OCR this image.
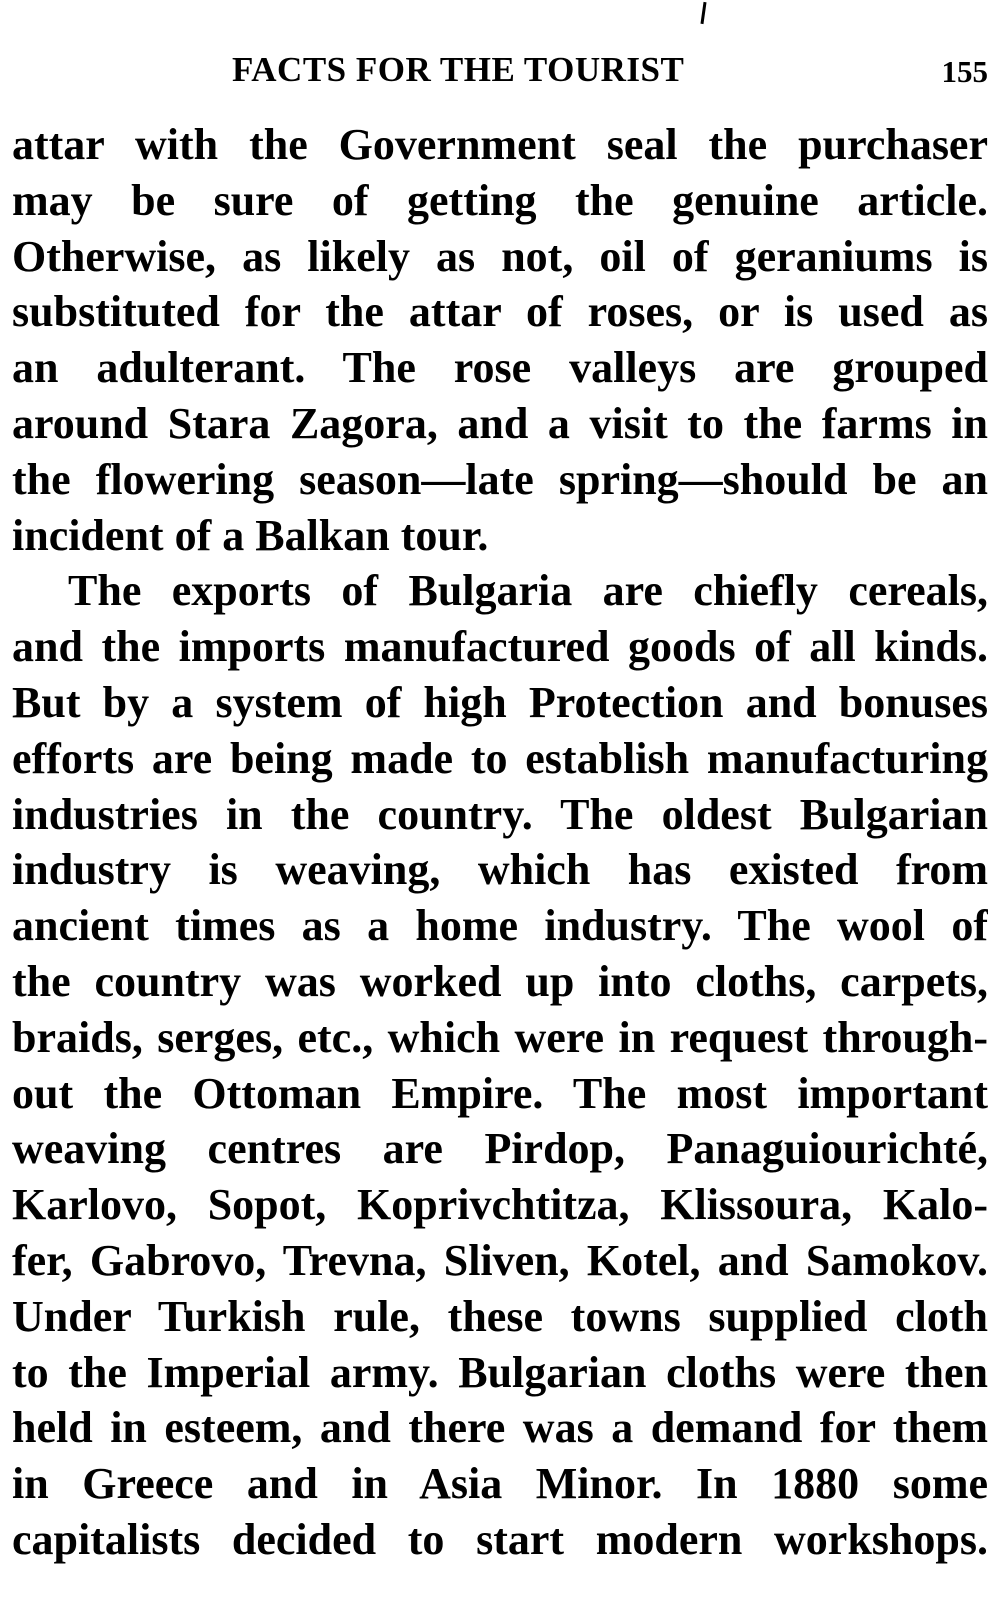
FACTS FOR THE TOURIST	155
attar with the Government seal the purchaser
may be sure of getting the genuine article.
Otherwise, as likely as not, oil of geraniums is
substituted for the attar of roses, or is used as
an adulterant. The rose valleys are grouped
around Stara Zagora, and a visit to the farms in
the flowering season—late spring—should be an
incident of a Balkan tour.
The exports of Bulgaria are chiefly cereals,
and the imports manufactured goods of all kinds.
But by a system of high Protection and bonuses
efforts are being made to establish manufacturing
industries in the country. The oldest Bulgarian
industry is weaving, which has existed from
ancient times as a home industry. The wool of
the country was worked up into cloths, carpets,
braids, serges, etc., which were in request through-
out the Ottoman Empire. The most important
weaving centres are Pirdop, Panaguiourichté,
Karlovo, Sopot, Koprivchtitza, Klissoura, Kalo-
fer, Gabrovo, Trevna, Sliven, Kotel, and Samokov.
Under Turkish rule, these towns supplied cloth
to the Imperial army. Bulgarian cloths were then
held in esteem, and there was a demand for them
in Greece and in Asia Minor. In 1880 some
capitalists decided to start modern workshops.
